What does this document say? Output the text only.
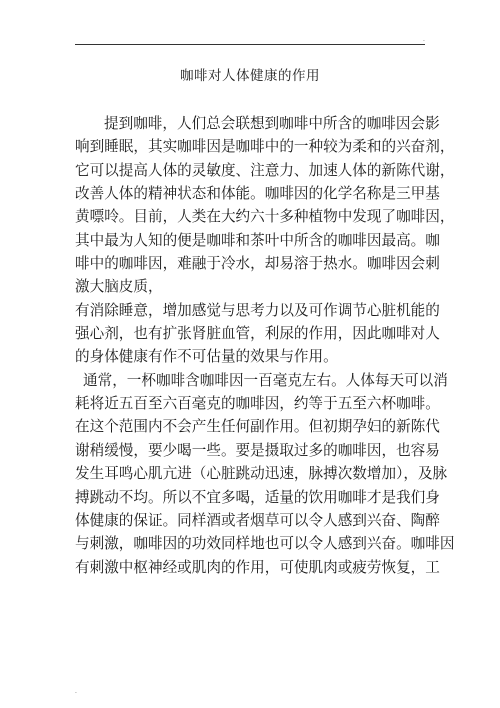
.
咖啡对人体健康的作用
提到咖啡，人们总会联想到咖啡中所含的咖啡因会影
响到睡眠，其实咖啡因是咖啡中的一种较为柔和的兴奋剂，
它可以提高人体的灵敏度、注意力、加速人体的新陈代谢，
改善人体的精神状态和体能。咖啡因的化学名称是三甲基
黄嘌呤。目前，人类在大约六十多种植物中发现了咖啡因，
其中最为人知的便是咖啡和茶叶中所含的咖啡因最高。咖
啡中的咖啡因，难融于冷水，却易溶于热水。咖啡因会刺
激大脑皮质，
有消除睡意，增加感觉与思考力以及可作调节心脏机能的
强心剂，也有扩张肾脏血管，利尿的作用，因此咖啡对人
的身体健康有作不可估量的效果与作用。
通常，一杯咖啡含咖啡因一百毫克左右。人体每天可以消
耗将近五百至六百毫克的咖啡因，约等于五至六杯咖啡。
在这个范围内不会产生任何副作用。但初期孕妇的新陈代
谢稍缓慢，要少喝一些。要是摄取过多的咖啡因，也容易
发生耳鸣心肌亢进（心脏跳动迅速，脉搏次数增加），及脉
搏跳动不均。所以不宜多喝，适量的饮用咖啡才是我们身
体健康的保证。同样酒或者烟草可以令人感到兴奋、陶醉
与刺激，咖啡因的功效同样地也可以令人感到兴奋。咖啡因
有刺激中枢神经或肌肉的作用，可使肌肉或疲劳恢复，工
.
